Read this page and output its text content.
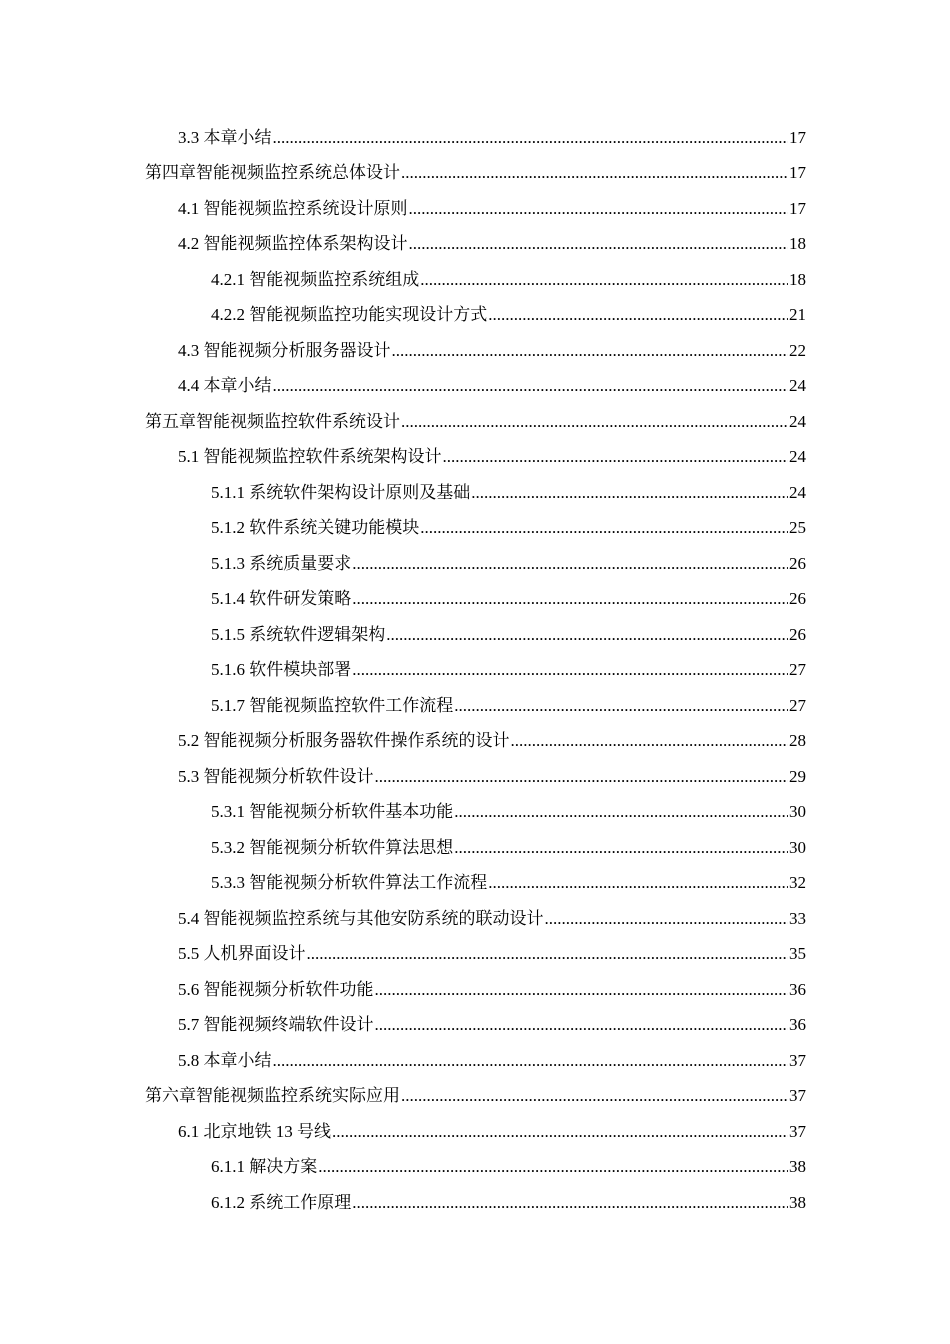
3.3 本章小结 .....	17
第四章智能视频监控系统总体设计 .....	17
4.1 智能视频监控系统设计原则 .....	17
4.2 智能视频监控体系架构设计 .....	18
4.2.1 智能视频监控系统组成 .....	18
4.2.2 智能视频监控功能实现设计方式 .....	21
4.3 智能视频分析服务器设计 .....	22
4.4 本章小结 .....	24
第五章智能视频监控软件系统设计 .....	24
5.1 智能视频监控软件系统架构设计 .....	24
5.1.1 系统软件架构设计原则及基础 .....	24
5.1.2 软件系统关键功能模块 .....	25
5.1.3 系统质量要求 .....	26
5.1.4 软件研发策略 .....	26
5.1.5 系统软件逻辑架构 .....	26
5.1.6 软件模块部署 .....	27
5.1.7 智能视频监控软件工作流程 .....	27
5.2 智能视频分析服务器软件操作系统的设计 .....	28
5.3 智能视频分析软件设计 .....	29
5.3.1 智能视频分析软件基本功能 .....	30
5.3.2 智能视频分析软件算法思想 .....	30
5.3.3 智能视频分析软件算法工作流程 .....	32
5.4 智能视频监控系统与其他安防系统的联动设计 .....	33
5.5 人机界面设计 .....	35
5.6 智能视频分析软件功能 .....	36
5.7 智能视频终端软件设计 .....	36
5.8 本章小结 .....	37
第六章智能视频监控系统实际应用 .....	37
6.1 北京地铁 13 号线 .....	37
6.1.1 解决方案 .....	38
6.1.2 系统工作原理 .....	38
